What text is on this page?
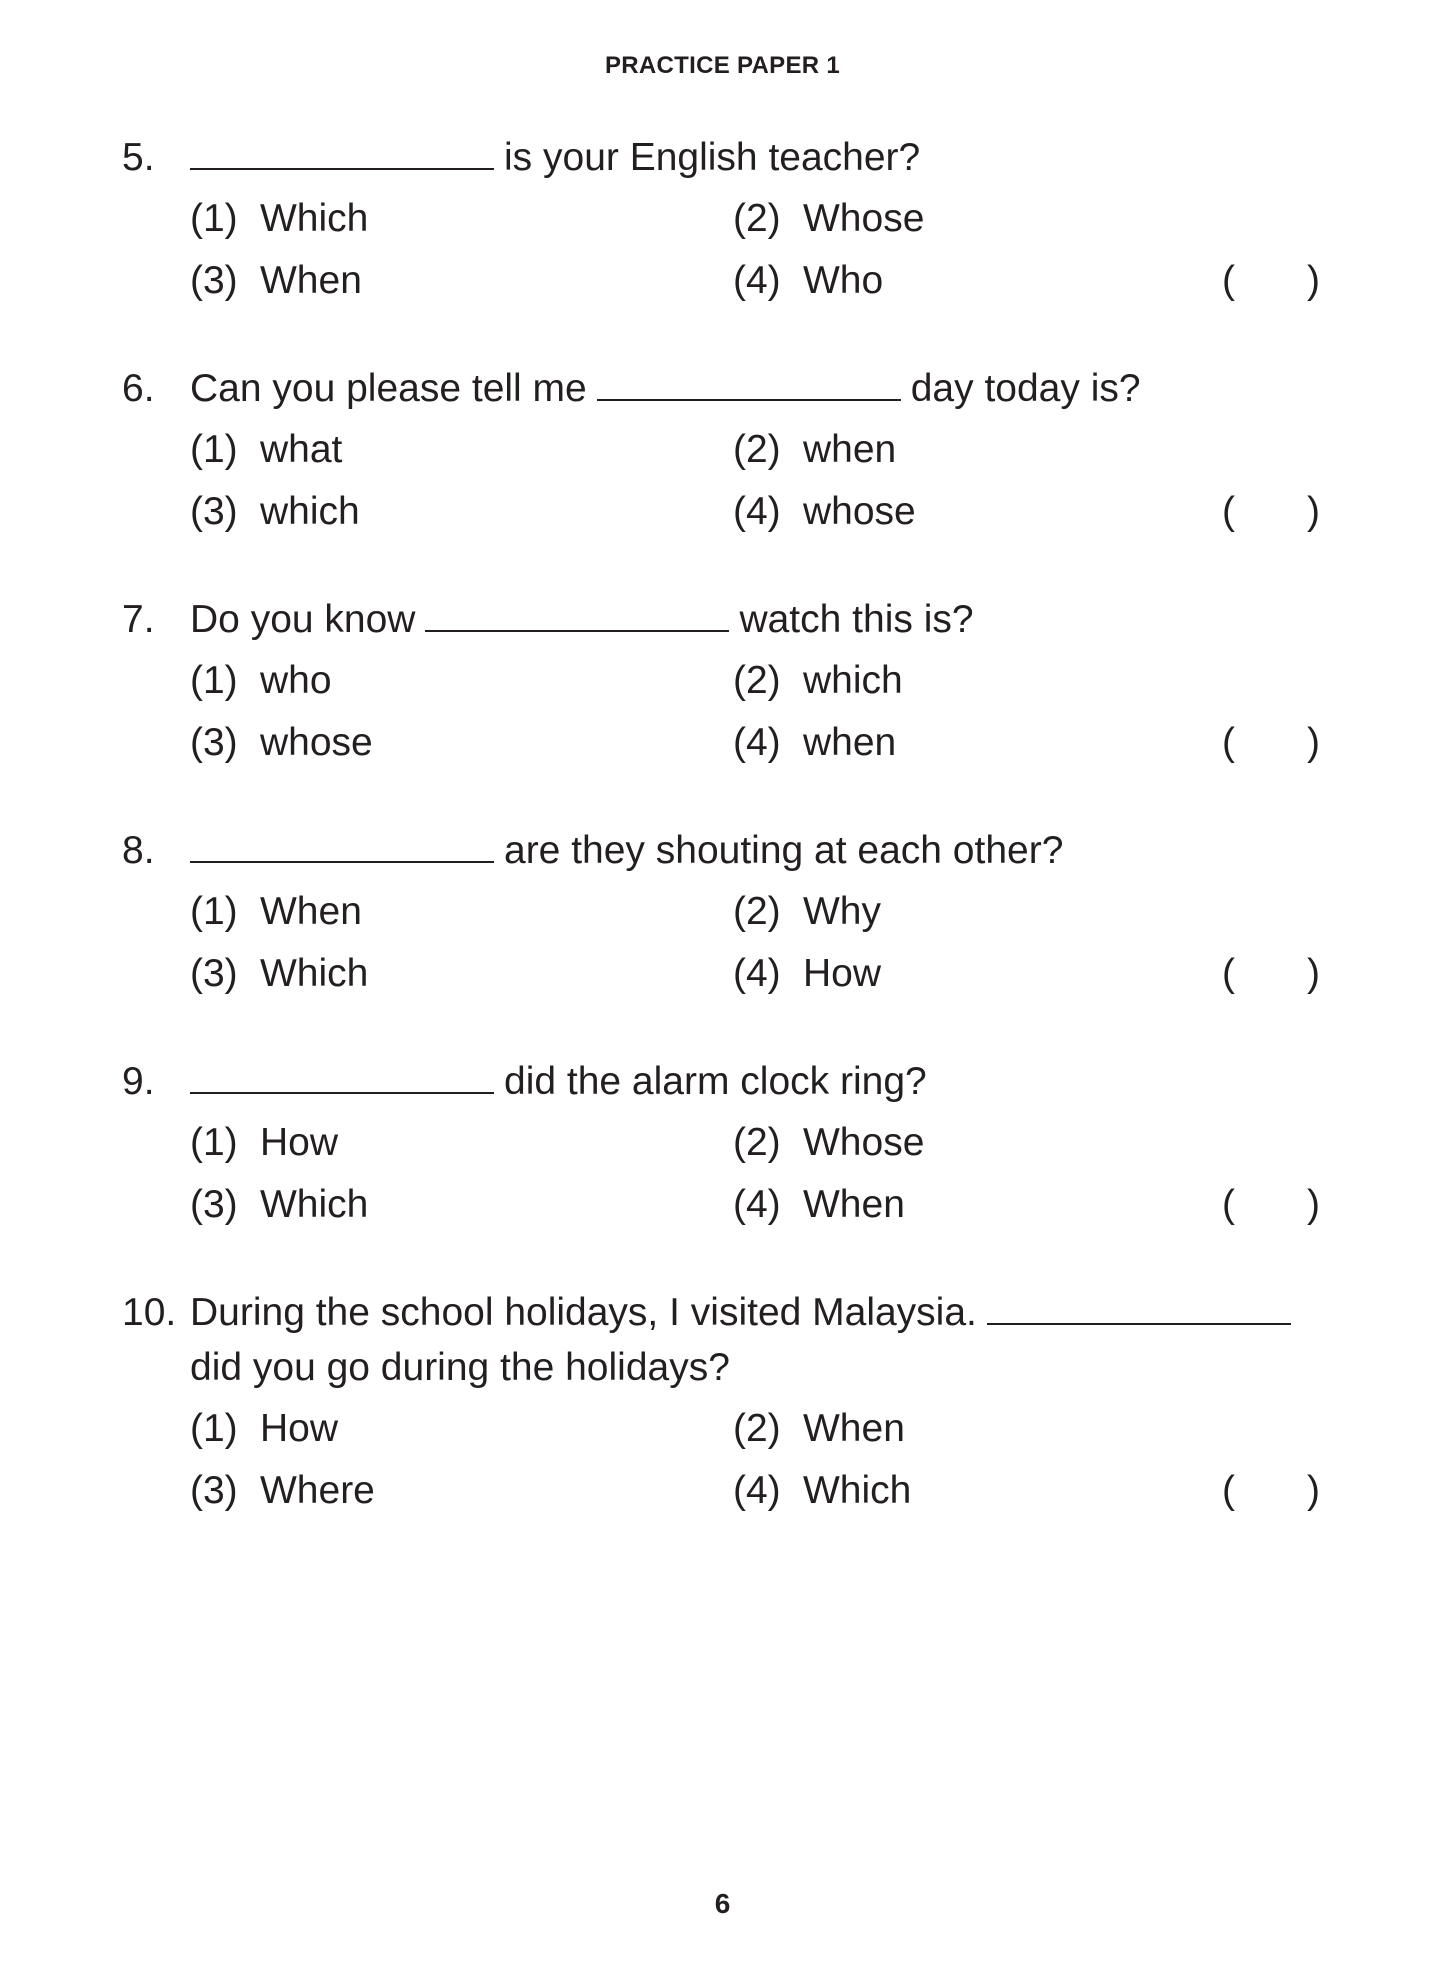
PRACTICE PAPER 1
5.	is your English teacher?
(1) Which	(2) Whose
(3) When	(4) Who	( )
6. Can you please tell me	day today is?
(1) what	(2) when
(3) which	(4) whose	( )
7. Do you know	watch this is?
(1) who	(2) which
(3) whose	(4) when	( )
8.	are they shouting at each other?
(1) When	(2) Why
(3) Which	(4) How	( )
9.	did the alarm clock ring?
(1) How	(2) Whose
(3) Which	(4) When	( )
10. During the school holidays, I visited Malaysia.
did you go during the holidays?
(1) How	(2) When
(3) Where	(4) Which	( )
6
